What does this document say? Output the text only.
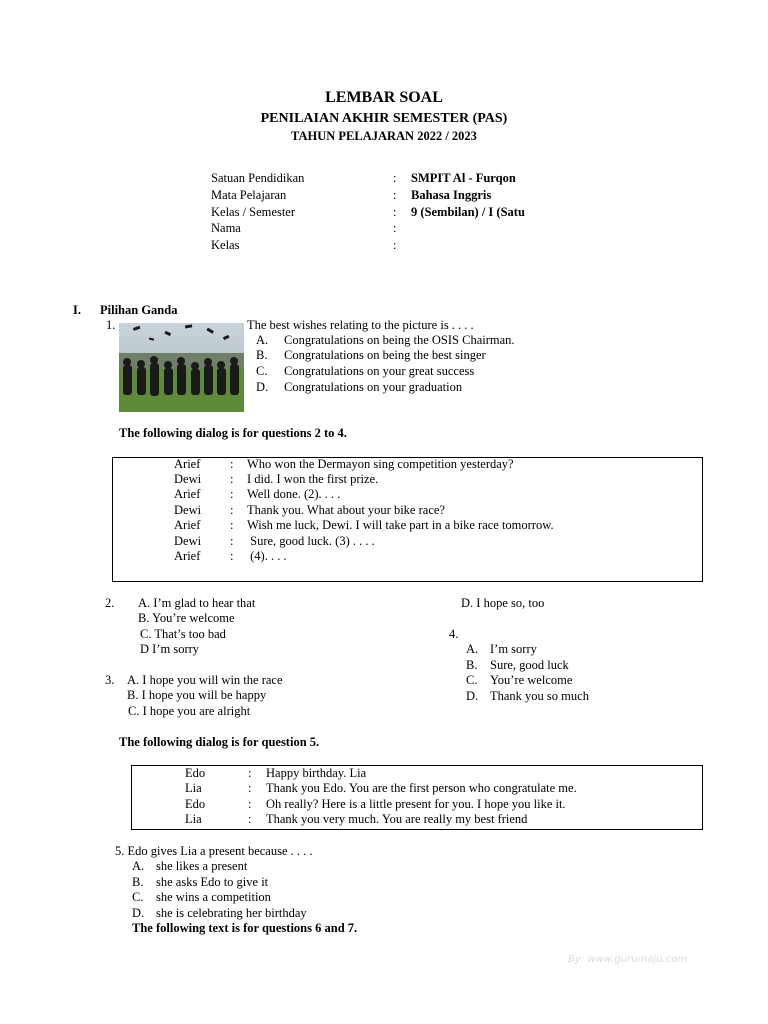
LEMBAR SOAL
PENILAIAN AKHIR SEMESTER (PAS)
TAHUN PELAJARAN 2022 / 2023
Satuan Pendidikan	: SMPIT Al - Furqon
Mata Pelajaran	: Bahasa Inggris
Kelas / Semester	: 9 (Sembilan) / I (Satu
Nama	:
Kelas	:
I. Pilihan Ganda
1.	The best wishes relating to the picture is . . . .
A. Congratulations on being the OSIS Chairman.
B. Congratulations on being the best singer
C. Congratulations on your great success
D. Congratulations on your graduation
The following dialog is for questions 2 to 4.
Arief : Who won the Dermayon sing competition yesterday?
Dewi : I did. I won the first prize.
Arief : Well done. (2). . . .
Dewi : Thank you. What about your bike race?
Arief : Wish me luck, Dewi. I will take part in a bike race tomorrow.
Dewi : Sure, good luck. (3) . . . .
Arief : (4). . . .
2. A. I’m glad to hear that
B. You’re welcome
C. That’s too bad
D I’m sorry
D. I hope so, too
4.
A. I’m sorry
B. Sure, good luck
C. You’re welcome
D. Thank you so much
3. A. I hope you will win the race
B. I hope you will be happy
C. I hope you are alright
The following dialog is for question 5.
Edo	: Happy birthday. Lia
Lia	: Thank you Edo. You are the first person who congratulate me.
Edo	: Oh really? Here is a little present for you. I hope you like it.
Lia	: Thank you very much. You are really my best friend
5. Edo gives Lia a present because . . . .
A. she likes a present
B. she asks Edo to give it
C. she wins a competition
D. she is celebrating her birthday
The following text is for questions 6 and 7.
By: www.gurumaju.com
